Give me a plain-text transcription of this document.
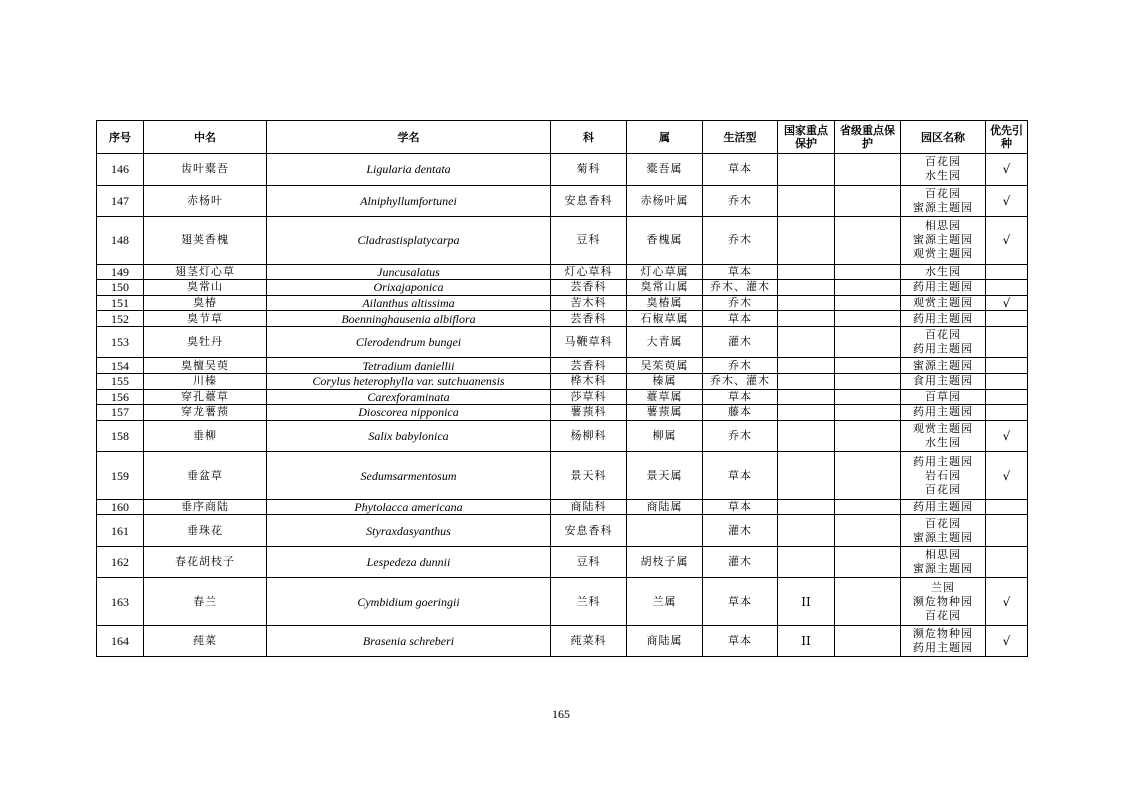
序号	中名	学名	科	属	生活型	国家重点保护	省级重点保护	园区名称	优先引种
146	齿叶橐吾	Ligularia dentata	菊科	橐吾属	草本			百花园
水生园	√
147	赤杨叶	Alniphyllumfortunei	安息香科	赤杨叶属	乔木			百花园
蜜源主题园	√
148	翅荚香槐	Cladrastisplatycarpa	豆科	香槐属	乔木			相思园
蜜源主题园
观赏主题园	√
149	翅茎灯心草	Juncusalatus	灯心草科	灯心草属	草本			水生园	

150	臭常山	Orixajaponica	芸香科	臭常山属	乔木、灌木			药用主题园	

151	臭椿	Ailanthus altissima	苦木科	臭椿属	乔木			观赏主题园	√
152	臭节草	Boenninghausenia albiflora	芸香科	石椒草属	草本			药用主题园	

153	臭牡丹	Clerodendrum bungei	马鞭草科	大青属	灌木			百花园
药用主题园	

154	臭檀吴萸	Tetradium daniellii	芸香科	吴茱萸属	乔木			蜜源主题园	

155	川榛	Corylus heterophylla var. sutchuanensis	桦木科	榛属	乔木、灌木			食用主题园	

156	穿孔薹草	Carexforaminata	莎草科	薹草属	草本			百草园	

157	穿龙薯蓣	Dioscorea nipponica	薯蓣科	薯蓣属	藤本			药用主题园	

158	垂柳	Salix babylonica	杨柳科	柳属	乔木			观赏主题园
水生园	√
159	垂盆草	Sedumsarmentosum	景天科	景天属	草本			药用主题园
岩石园
百花园	√
160	垂序商陆	Phytolacca americana	商陆科	商陆属	草本			药用主题园	

161	垂珠花	Styraxdasyanthus	安息香科		灌木			百花园
蜜源主题园	

162	春花胡枝子	Lespedeza dunnii	豆科	胡枝子属	灌木			相思园
蜜源主题园	

163	春兰	Cymbidium goeringii	兰科	兰属	草本	II		兰园
濒危物种园
百花园	√
164	莼菜	Brasenia schreberi	莼菜科	商陆属	草本	II		濒危物种园
药用主题园	√
165
